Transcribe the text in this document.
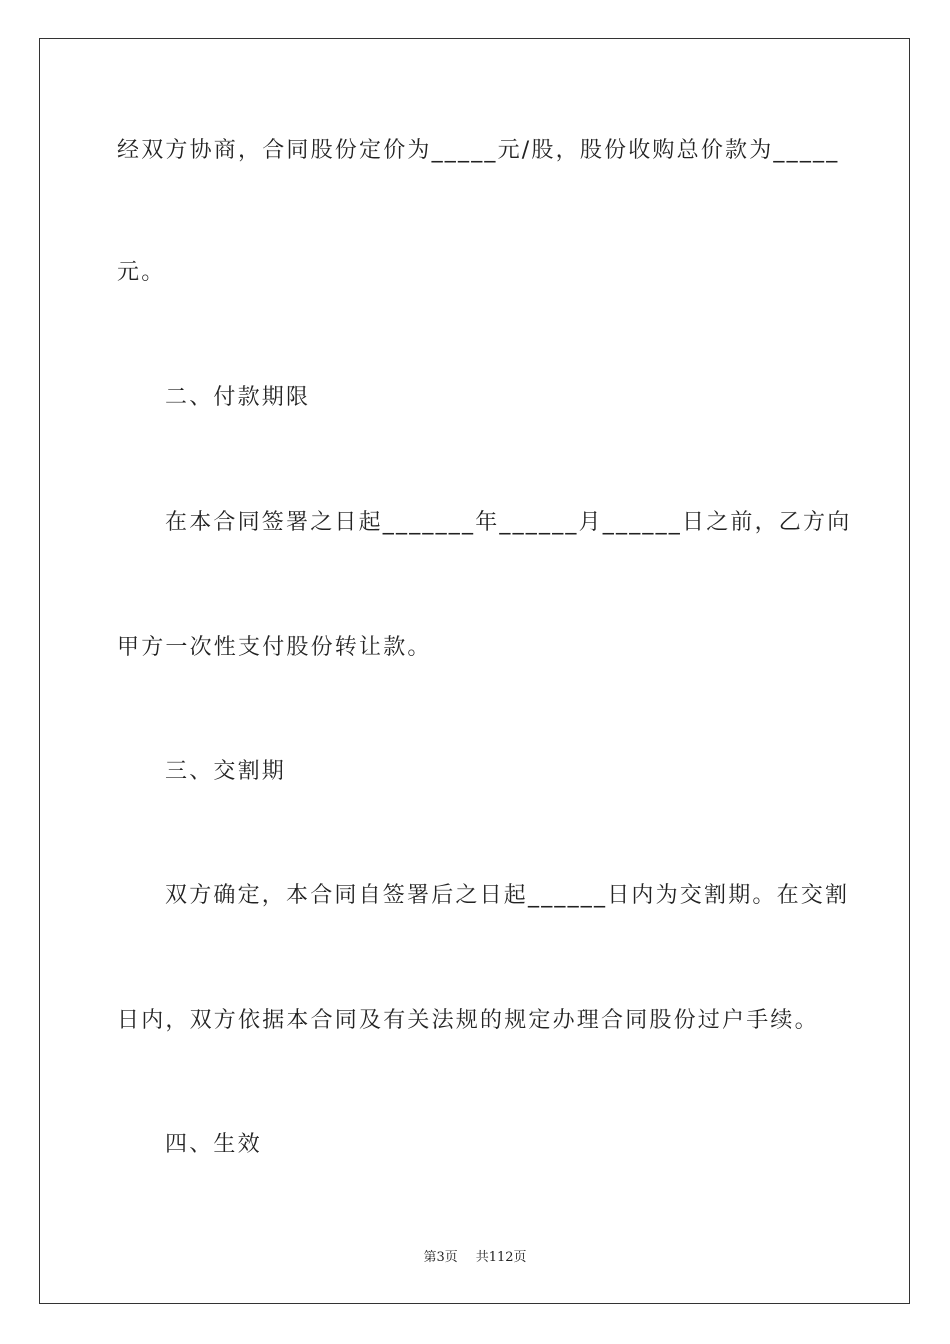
经双方协商，合同股份定价为_____元/股，股份收购总价款为_____
元。
二、付款期限
在本合同签署之日起_______年______月______日之前，乙方向
甲方一次性支付股份转让款。
三、交割期
双方确定，本合同自签署后之日起______日内为交割期。在交割
日内，双方依据本合同及有关法规的规定办理合同股份过户手续。
四、生效
第3页 共112页
